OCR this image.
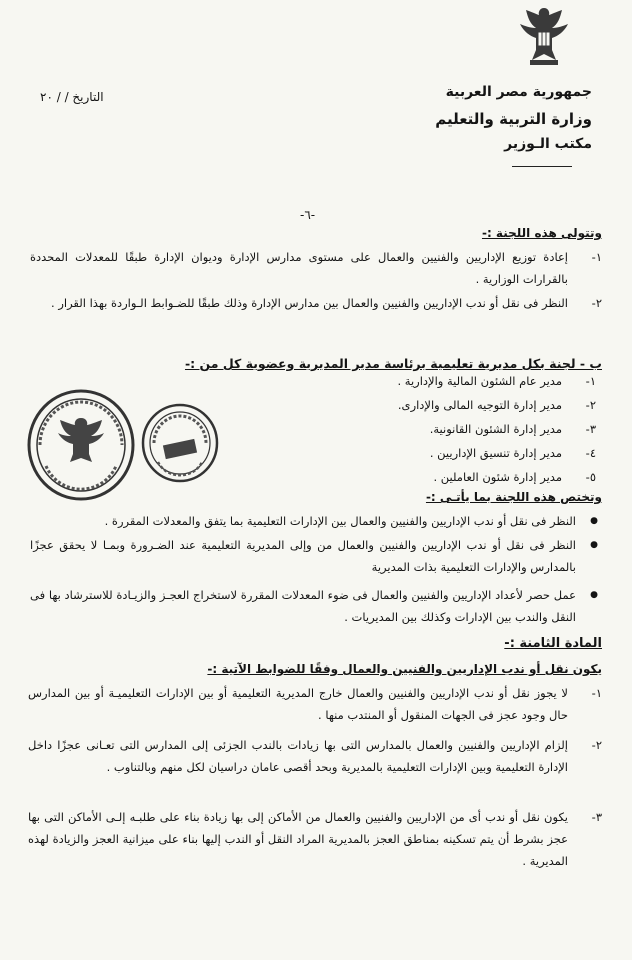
جمهورية مصر العربية
وزارة التربية والتعليم
مكتب الـوزير
التاريخ / / ٢٠
-٦-
وتتولى هذه اللجنة :-
١-
إعادة توزيع الإداريين والفنيين والعمال على مستوى مدارس الإدارة وديوان الإدارة طبقًا للمعدلات المحددة بالقرارات الوزارية .
٢-
النظر فى نقل أو ندب الإداريين والفنيين والعمال بين مدارس الإدارة وذلك طبقًا للضـوابط الـواردة بهذا القرار .
ب - لجنة بكل مديرية تعليمية برئاسة مدير المديرية وعضوية كل من :-
١-
مدير عام الشئون المالية والإدارية .
٢-
مدير إدارة التوجيه المالى والإدارى.
٣-
مدير إدارة الشئون القانونية.
٤-
مدير إدارة تنسيق الإداريين .
٥-
مدير إدارة شئون العاملين .
وتختص هذه اللجنة بما يأتـى :-
●
النظر فى نقل أو ندب الإداريين والفنيين والعمال بين الإدارات التعليمية بما يتفق والمعدلات المقررة .
●
النظر فى نقل أو ندب الإداريين والفنيين والعمال من وإلى المديرية التعليمية عند الضـرورة وبمـا لا يحقق عجزًا بالمدارس والإدارات التعليمية بذات المديرية
●
عمل حصر لأعداد الإداريين والفنيين والعمال فى ضوء المعدلات المقررة لاستخراج العجـز والزيـادة للاسترشاد بها فى النقل والندب بين الإدارات وكذلك بين المديريات .
المادة الثامنة :-
يكون نقل أو ندب الإداريين والفنيين والعمال وفقًا للضوابط الآتية :-
١-
لا يجوز نقل أو ندب الإداريين والفنيين والعمال خارج المديرية التعليمية أو بين الإدارات التعليميـة أو بين المدارس حال وجود عجز فى الجهات المنقول أو المنتدب منها .
٢-
إلزام الإداريين والفنيين والعمال بالمدارس التى بها زيادات بالندب الجزئى إلى المدارس التى تعـانى عجزًا داخل الإدارة التعليمية وبين الإدارات التعليمية بالمديرية وبحد أقصى عامان دراسيان لكل منهم وبالتناوب .
٣-
يكون نقل أو ندب أى من الإداريين والفنيين والعمال من الأماكن إلى بها زيادة بناء على طلبـه إلـى الأماكن التى بها عجز بشرط أن يتم تسكينه بمناطق العجز بالمديرية المراد النقل أو الندب إليها بناء على ميزانية العجز والزيادة لهذه المديرية .
